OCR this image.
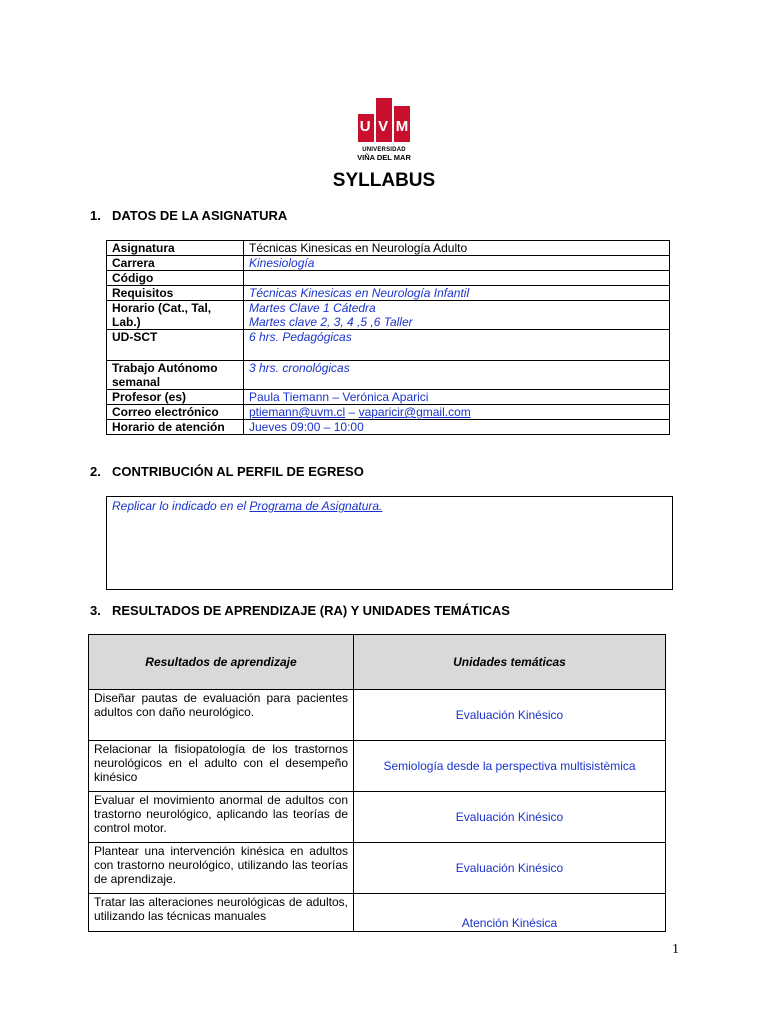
U V M
UNIVERSIDAD
VIÑA DEL MAR
SYLLABUS
1. DATOS DE LA ASIGNATURA
Asignatura	Técnicas Kinesicas en Neurología Adulto
Carrera	Kinesiología
Código	
Requisitos	Técnicas Kinesicas en Neurología Infantil
Horario (Cat., Tal, Lab.)	Martes Clave 1 Cátedra
Martes clave 2, 3, 4 ,5 ,6 Taller

UD-SCT	6 hrs. Pedagógicas
Trabajo Autónomo semanal	3 hrs. cronológicas
Profesor (es)	Paula Tiemann – Verónica Aparici
Correo electrónico	ptiemann@uvm.cl – vaparicir@gmail.com
Horario de atención	Jueves 09:00 – 10:00
2. CONTRIBUCIÓN AL PERFIL DE EGRESO
Replicar lo indicado en el Programa de Asignatura.
3. RESULTADOS DE APRENDIZAJE (RA) Y UNIDADES TEMÁTICAS
Resultados de aprendizaje	Unidades temáticas
Diseñar pautas de evaluación para pacientes adultos con daño neurológico.	Evaluación Kinésico
Relacionar la fisiopatología de los trastornos neurológicos en el adulto con el desempeño kinésico	Semiología desde la perspectiva multisistèmica
Evaluar el movimiento anormal de adultos con trastorno neurológico, aplicando las teorías de control motor.	Evaluación Kinésico
Plantear una intervención kinésica en adultos con trastorno neurológico, utilizando las teorías de aprendizaje.	Evaluación Kinésico
Tratar las alteraciones neurológicas de adultos, utilizando las técnicas manuales	Atención Kinésica
1
